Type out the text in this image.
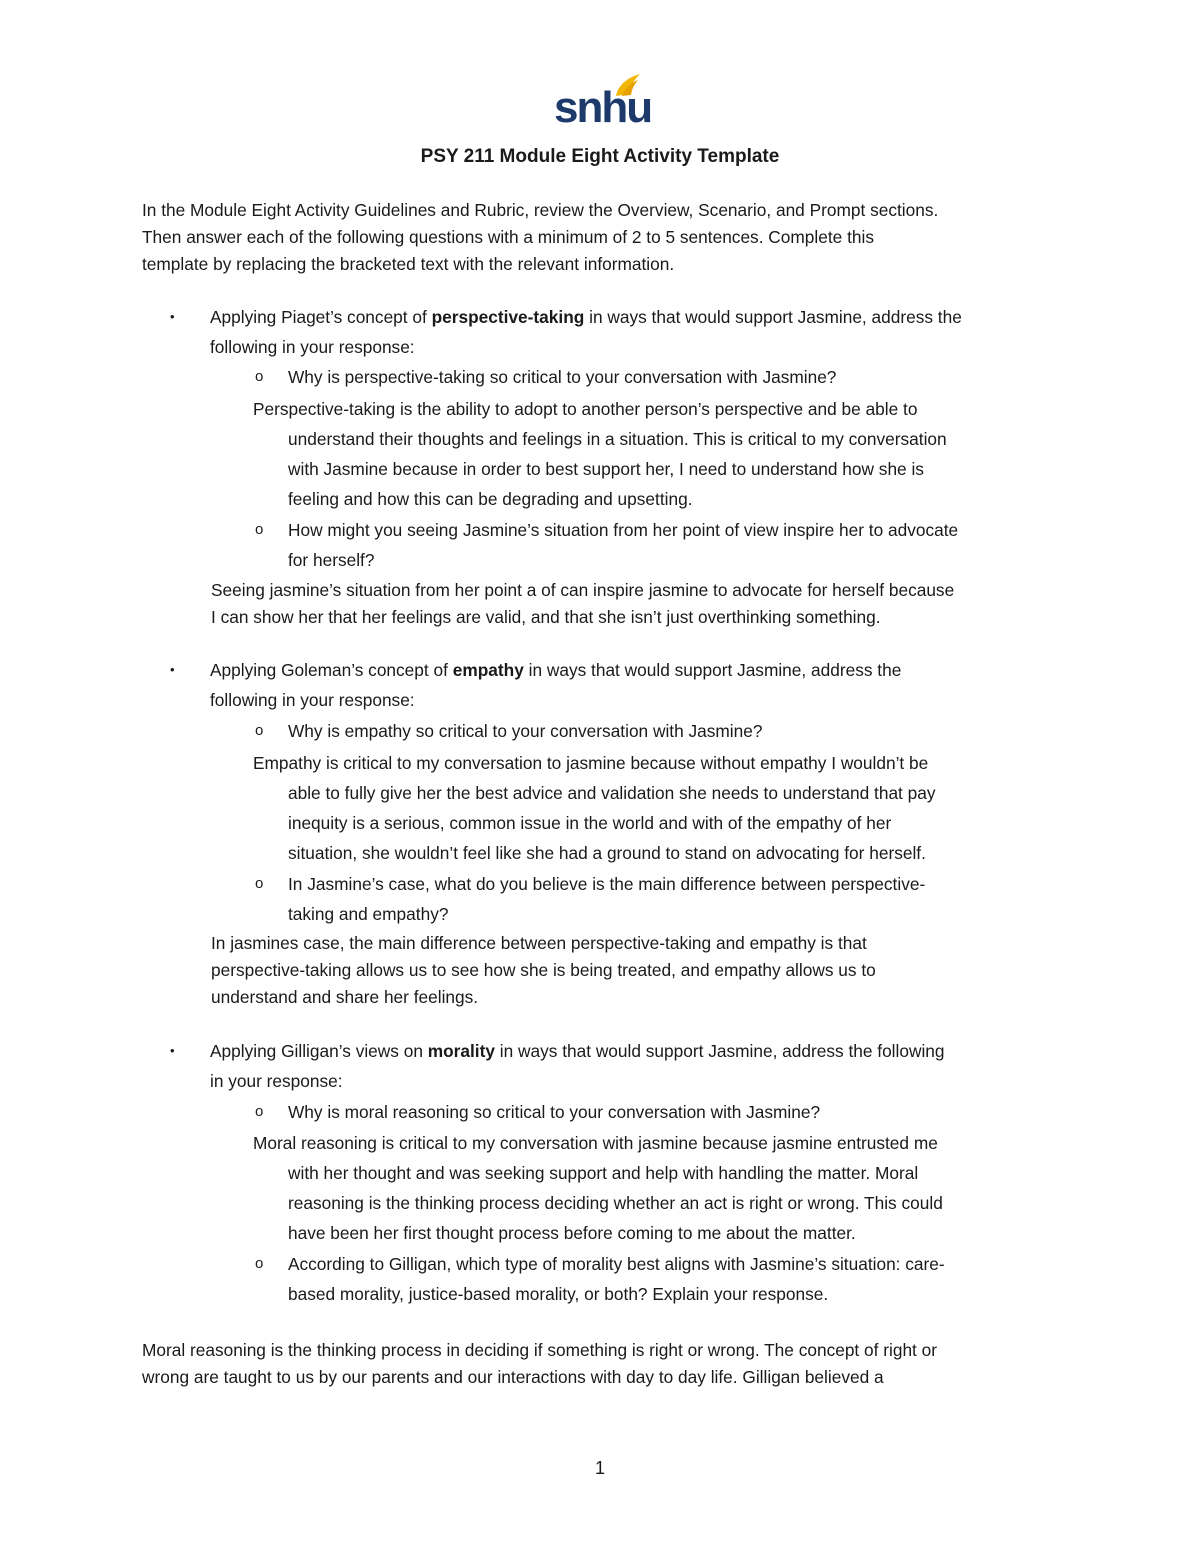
snhu
PSY 211 Module Eight Activity Template
In the Module Eight Activity Guidelines and Rubric, review the Overview, Scenario, and Prompt sections.
Then answer each of the following questions with a minimum of 2 to 5 sentences. Complete this
template by replacing the bracketed text with the relevant information.
• Applying Piaget’s concept of perspective-taking in ways that would support Jasmine, address the
following in your response:
o Why is perspective-taking so critical to your conversation with Jasmine?
Perspective-taking is the ability to adopt to another person’s perspective and be able to
understand their thoughts and feelings in a situation. This is critical to my conversation
with Jasmine because in order to best support her, I need to understand how she is
feeling and how this can be degrading and upsetting.
o How might you seeing Jasmine’s situation from her point of view inspire her to advocate
for herself?
Seeing jasmine’s situation from her point a of can inspire jasmine to advocate for herself because
I can show her that her feelings are valid, and that she isn’t just overthinking something.
• Applying Goleman’s concept of empathy in ways that would support Jasmine, address the
following in your response:
o Why is empathy so critical to your conversation with Jasmine?
Empathy is critical to my conversation to jasmine because without empathy I wouldn’t be
able to fully give her the best advice and validation she needs to understand that pay
inequity is a serious, common issue in the world and with of the empathy of her
situation, she wouldn’t feel like she had a ground to stand on advocating for herself.
o In Jasmine’s case, what do you believe is the main difference between perspective-
taking and empathy?
In jasmines case, the main difference between perspective-taking and empathy is that
perspective-taking allows us to see how she is being treated, and empathy allows us to
understand and share her feelings.
• Applying Gilligan’s views on morality in ways that would support Jasmine, address the following
in your response:
o Why is moral reasoning so critical to your conversation with Jasmine?
Moral reasoning is critical to my conversation with jasmine because jasmine entrusted me
with her thought and was seeking support and help with handling the matter. Moral
reasoning is the thinking process deciding whether an act is right or wrong. This could
have been her first thought process before coming to me about the matter.
o According to Gilligan, which type of morality best aligns with Jasmine’s situation: care-
based morality, justice-based morality, or both? Explain your response.
Moral reasoning is the thinking process in deciding if something is right or wrong. The concept of right or
wrong are taught to us by our parents and our interactions with day to day life. Gilligan believed a
1
